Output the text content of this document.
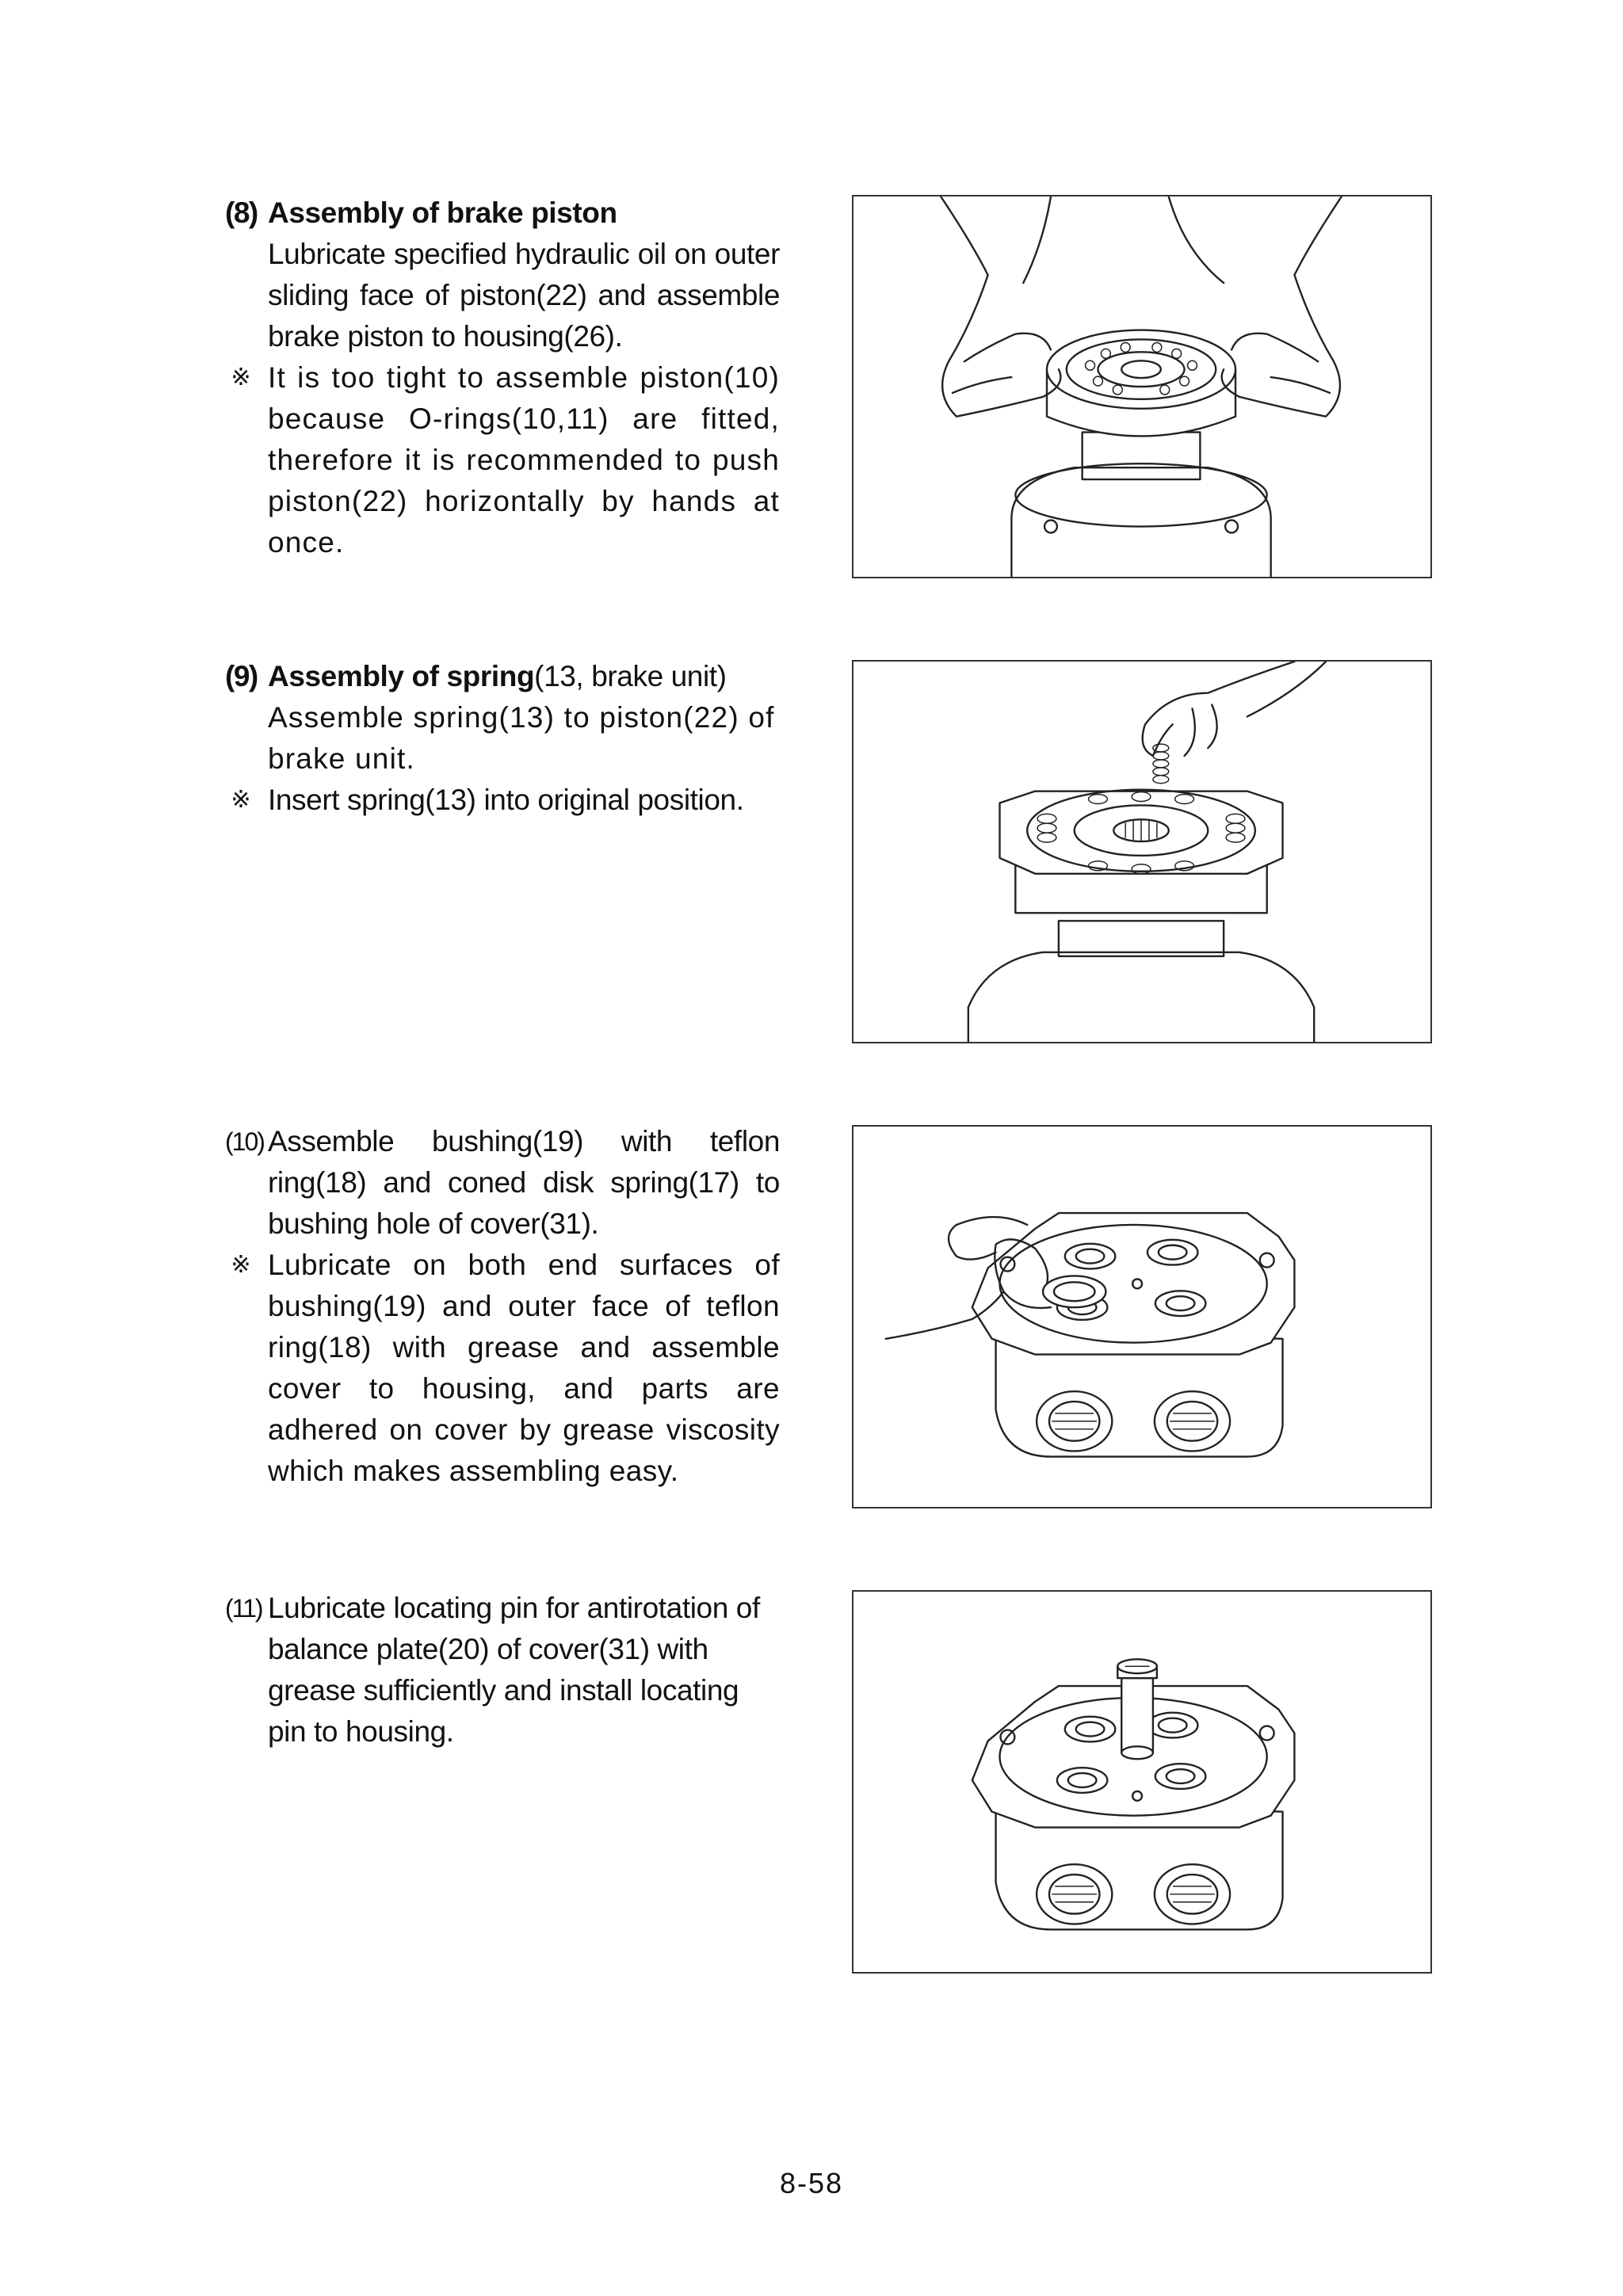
(8) Assembly of brake piston
Lubricate specified hydraulic oil on outer sliding face of piston(22) and assemble brake piston to housing(26).
※ It is too tight to assemble piston(10) because O-rings(10,11) are fitted, therefore it is recommended to push piston(22) horizontally by hands at once.
(9) Assembly of spring(13, brake unit)
Assemble spring(13) to piston(22) of brake unit.
※ Insert spring(13) into original position.
(10) Assemble bushing(19) with teflon ring(18) and coned disk spring(17) to bushing hole of cover(31).
※ Lubricate on both end surfaces of bushing(19) and outer face of teflon ring(18) with grease and assemble cover to housing, and parts are adhered on cover by grease viscosity which makes assembling easy.
(11) Lubricate locating pin for antirotation of balance plate(20) of cover(31) with grease sufficiently and install locating pin to housing.
8-58
